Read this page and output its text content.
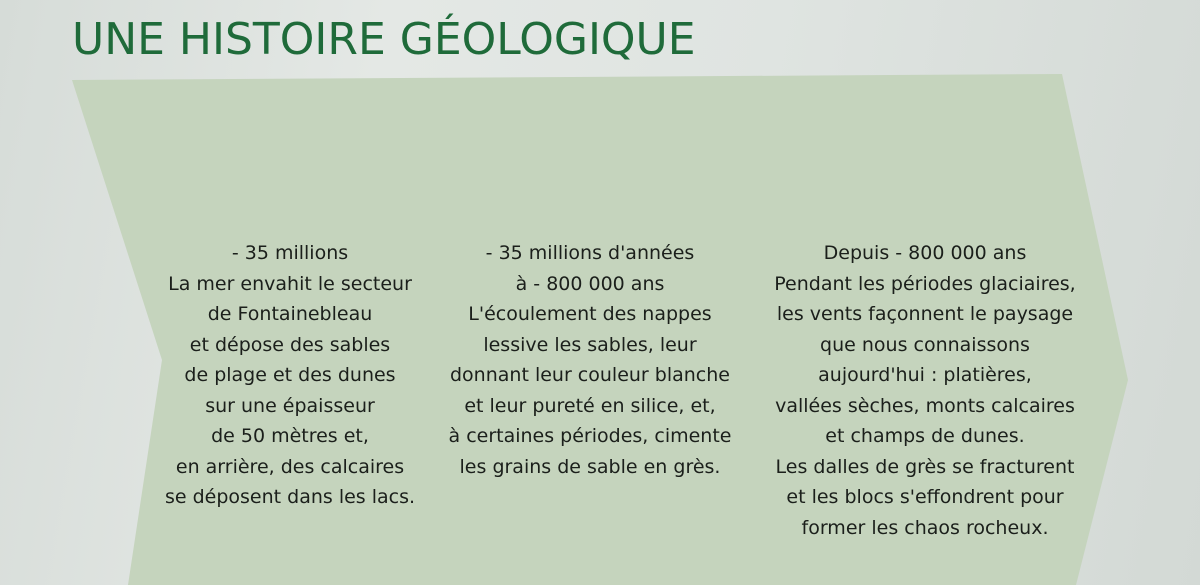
UNE HISTOIRE GÉOLOGIQUE
- 35 millions
La mer envahit le secteur
de Fontainebleau
et dépose des sables
de plage et des dunes
sur une épaisseur
de 50 mètres et,
en arrière, des calcaires
se déposent dans les lacs.
- 35 millions d'années
à - 800 000 ans
L'écoulement des nappes
lessive les sables, leur
donnant leur couleur blanche
et leur pureté en silice, et,
à certaines périodes, cimente
les grains de sable en grès.
Depuis - 800 000 ans
Pendant les périodes glaciaires,
les vents façonnent le paysage
que nous connaissons
aujourd'hui : platières,
vallées sèches, monts calcaires
et champs de dunes.
Les dalles de grès se fracturent
et les blocs s'effondrent pour
former les chaos rocheux.
